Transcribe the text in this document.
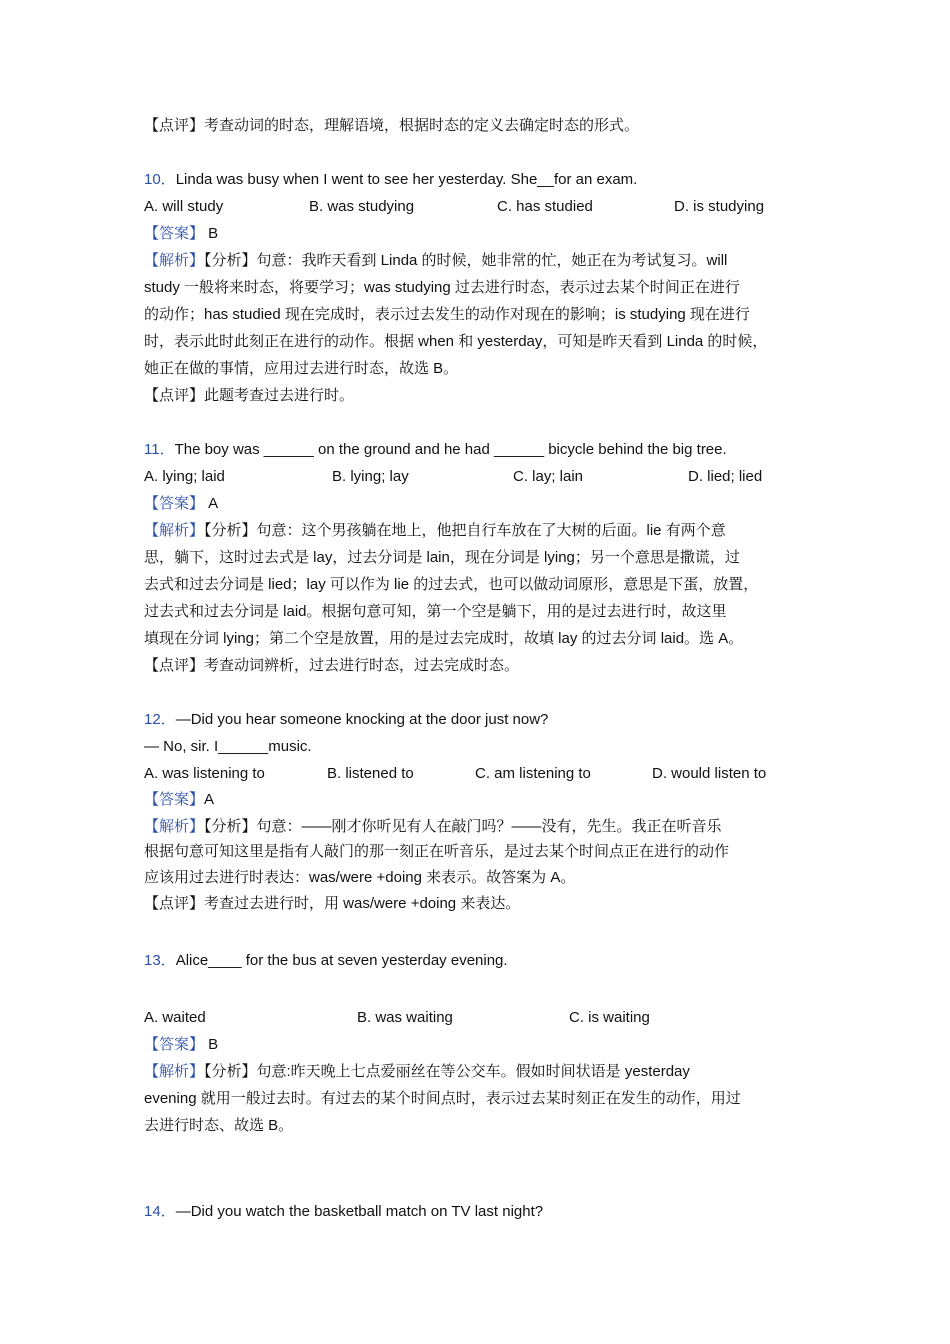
【点评】考查动词的时态，理解语境，根据时态的定义去确定时态的形式。
10．Linda was busy when I went to see her yesterday. She__for an exam.
A. will study	B. was studying	C. has studied	D. is studying
【答案】 B
【解析】【分析】句意：我昨天看到 Linda 的时候，她非常的忙，她正在为考试复习。will
study 一般将来时态，将要学习；was studying 过去进行时态，表示过去某个时间正在进行
的动作；has studied 现在完成时，表示过去发生的动作对现在的影响；is studying 现在进行
时，表示此时此刻正在进行的动作。根据 when 和 yesterday，可知是昨天看到 Linda 的时候，
她正在做的事情，应用过去进行时态，故选 B。
【点评】此题考查过去进行时。
11．The boy was ______ on the ground and he had ______ bicycle behind the big tree.
A. lying; laid	B. lying; lay	C. lay; lain	D. lied; lied
【答案】 A
【解析】【分析】句意：这个男孩躺在地上，他把自行车放在了大树的后面。lie 有两个意
思，躺下，这时过去式是 lay，过去分词是 lain，现在分词是 lying；另一个意思是撒谎，过
去式和过去分词是 lied；lay 可以作为 lie 的过去式，也可以做动词原形，意思是下蛋，放置，
过去式和过去分词是 laid。根据句意可知，第一个空是躺下，用的是过去进行时，故这里
填现在分词 lying；第二个空是放置，用的是过去完成时，故填 lay 的过去分词 laid。选 A。
【点评】考查动词辨析，过去进行时态，过去完成时态。
12．—Did you hear someone knocking at the door just now?
— No, sir. I______music.
A. was listening to	B. listened to	C. am listening to	D. would listen to
【答案】A
【解析】【分析】句意：——刚才你听见有人在敲门吗？——没有，先生。我正在听音乐
根据句意可知这里是指有人敲门的那一刻正在听音乐，是过去某个时间点正在进行的动作
应该用过去进行时表达：was/were +doing 来表示。故答案为 A。
【点评】考查过去进行时，用 was/were +doing 来表达。
13．Alice____ for the bus at seven yesterday evening.
A. waited	B. was waiting	C. is waiting
【答案】 B
【解析】【分析】句意:昨天晚上七点爱丽丝在等公交车。假如时间状语是 yesterday
evening 就用一般过去时。有过去的某个时间点时，表示过去某时刻正在发生的动作，用过
去进行时态、故选 B。
14．—Did you watch the basketball match on TV last night?
